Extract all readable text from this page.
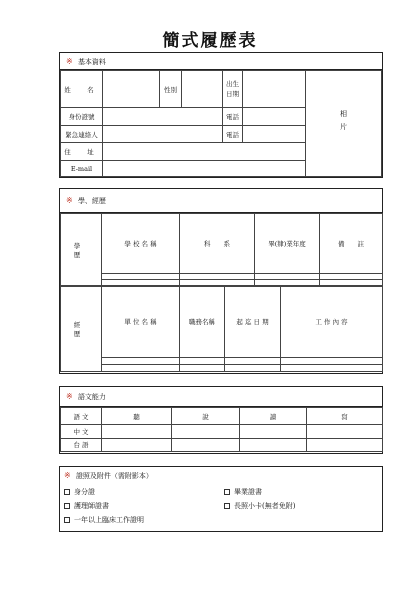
簡式履歷表
※ 基本資料
姓　名		性別		出生
日期		相片
身份證號				電話		
緊急連絡人				電話		
住　址						
E-mail						
※ 學、經歷
學　歷	學 校 名 稱	科　　系	畢(肄)業年度	備　　註

經　歷	單 位 名 稱	職務名稱	起 迄 日 期	工 作 內 容

※ 語文能力
語 文	聽	說	讀	寫
中 文				
台 語				
※ 證照及附件（需附影本）
身分證	畢業證書
護理師證書	長照小卡(無者免附)
一年以上臨床工作證明
